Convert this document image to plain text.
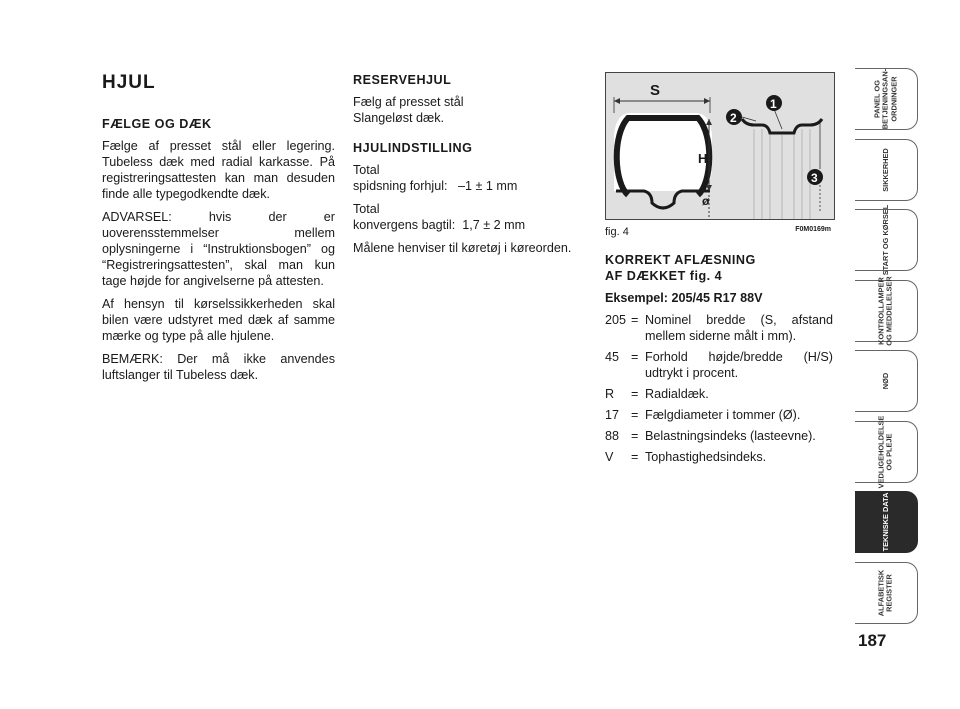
HJUL
FÆLGE OG DÆK

Fælge af presset stål eller legering. Tubeless dæk med radial karkasse. På registreringsattesten kan man desuden finde alle typegodkendte dæk.

ADVARSEL: hvis der er uoverensstemmelser mellem oplysningerne i “Instruktionsbogen” og “Registreringsattesten”, skal man kun tage højde for angivelserne på attesten.

Af hensyn til kørselssikkerheden skal bilen være udstyret med dæk af samme mærke og type på alle hjulene.

BEMÆRK: Der må ikke anvendes luftslanger til Tubeless dæk.

RESERVEHJUL
Fælg af presset stål
Slangeløst dæk.
HJULINDSTILLING
Total
spidsning forhjul:   –1 ± 1 mm
Total
konvergens bagtil:  1,7 ± 2 mm
Målene henviser til køretøj i køreorden.
S
H
ø
1
2
3
fig. 4	F0M0169m
KORREKT AFLÆSNING
AF DÆKKET fig. 4
Eksempel: 205/45 R17 88V
205 = Nominel bredde (S, afstand mellem siderne målt i mm).
45 = Forhold højde/bredde (H/S) udtrykt i procent.
R	= Radialdæk.
17 = Fælgdiameter i tommer (Ø).
88 = Belastningsindeks (lasteevne).
V	= Tophastighedsindeks.
PANEL OG
BETJENINGSAN-
ORDNINGER
SIKKERHED
START OG KØRSEL
KONTROLLAMPER
OG MEDDELELSER
NØD
VEDLIGEHOLDELSE
OG PLEJE
TEKNISKE DATA
ALFABETISK
REGISTER
187
